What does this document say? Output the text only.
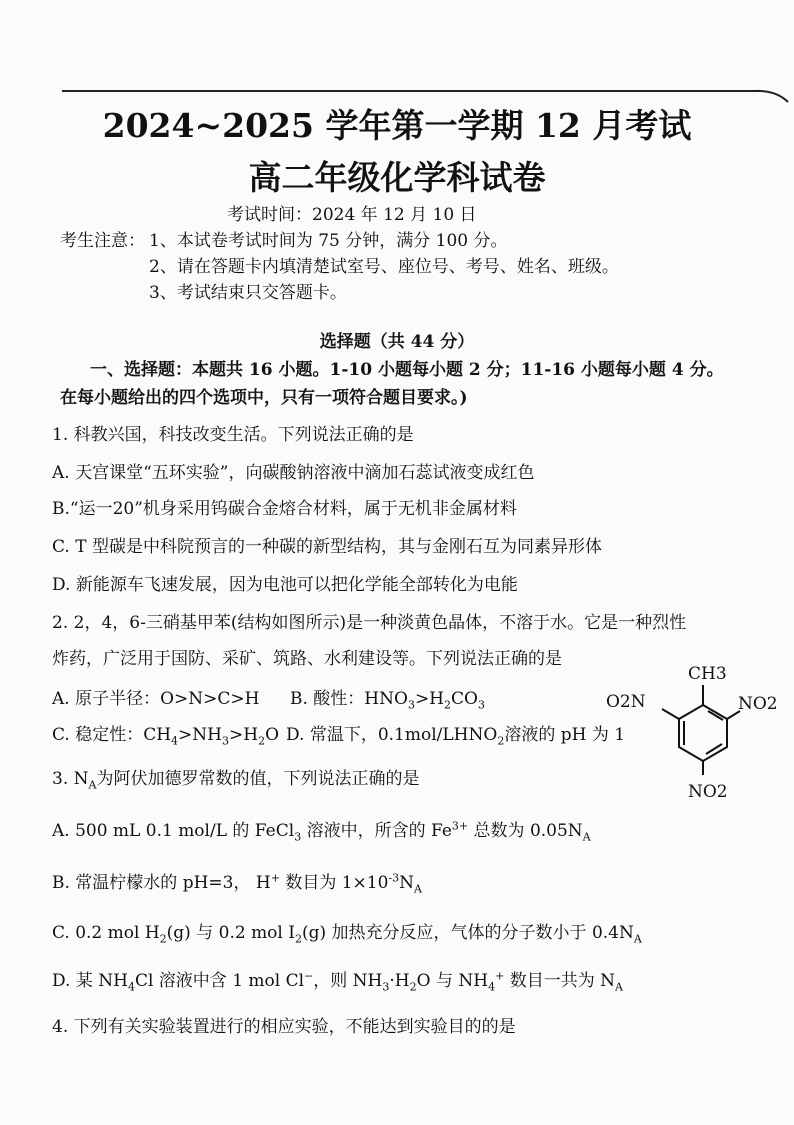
2024~2025 学年第一学期 12 月考试
高二年级化学科试卷
考试时间：2024 年 12 月 10 日
考生注意： 1、本试卷考试时间为 75 分钟，满分 100 分。
2、请在答题卡内填清楚试室号、座位号、考号、姓名、班级。
3、考试结束只交答题卡。
选择题（共 44 分）
一、选择题：本题共 16 小题。1-10 小题每小题 2 分；11-16 小题每小题 4 分。在每小题给出的四个选项中，只有一项符合题目要求。)
1. 科教兴国，科技改变生活。下列说法正确的是
A. 天宫课堂“五环实验”，向碳酸钠溶液中滴加石蕊试液变成红色
B.“运一20”机身采用钨碳合金熔合材料，属于无机非金属材料
C. T 型碳是中科院预言的一种碳的新型结构，其与金刚石互为同素异形体
D. 新能源车飞速发展，因为电池可以把化学能全部转化为电能
2. 2，4，6-三硝基甲苯(结构如图所示)是一种淡黄色晶体，不溶于水。它是一种烈性
炸药，广泛用于国防、采矿、筑路、水利建设等。下列说法正确的是
A. 原子半径：O>N>C>H B. 酸性：$HNO_3>H_2CO_3$
C. 稳定性：$CH_4>NH_3>H_2O$ D. 常温下，$0.1mol/LHNO_2$溶液的 pH 为 1
CH3
O2N	NO2
NO2
3. $N_A$为阿伏加德罗常数的值，下列说法正确的是
A. 500 mL 0.1 mol/L 的 FeCl$_3$ 溶液中，所含的 $Fe^{3+}$ 总数为 $0.05N_A$
B. 常温柠檬水的 pH=3， H+ 数目为 $1\times 10^{-3}N_A$
C. 0.2 mol $H_2(g)$ 与 0.2 mol $I_2(g)$ 加热充分反应，气体的分子数小于 $0.4N_A$
D. 某 $NH_4Cl$ 溶液中含 1 mol Cl−，则 $NH_3\cdot H_2O$ 与 $NH_4^+$ 数目一共为 $N_A$
4. 下列有关实验装置进行的相应实验，不能达到实验目的的是
